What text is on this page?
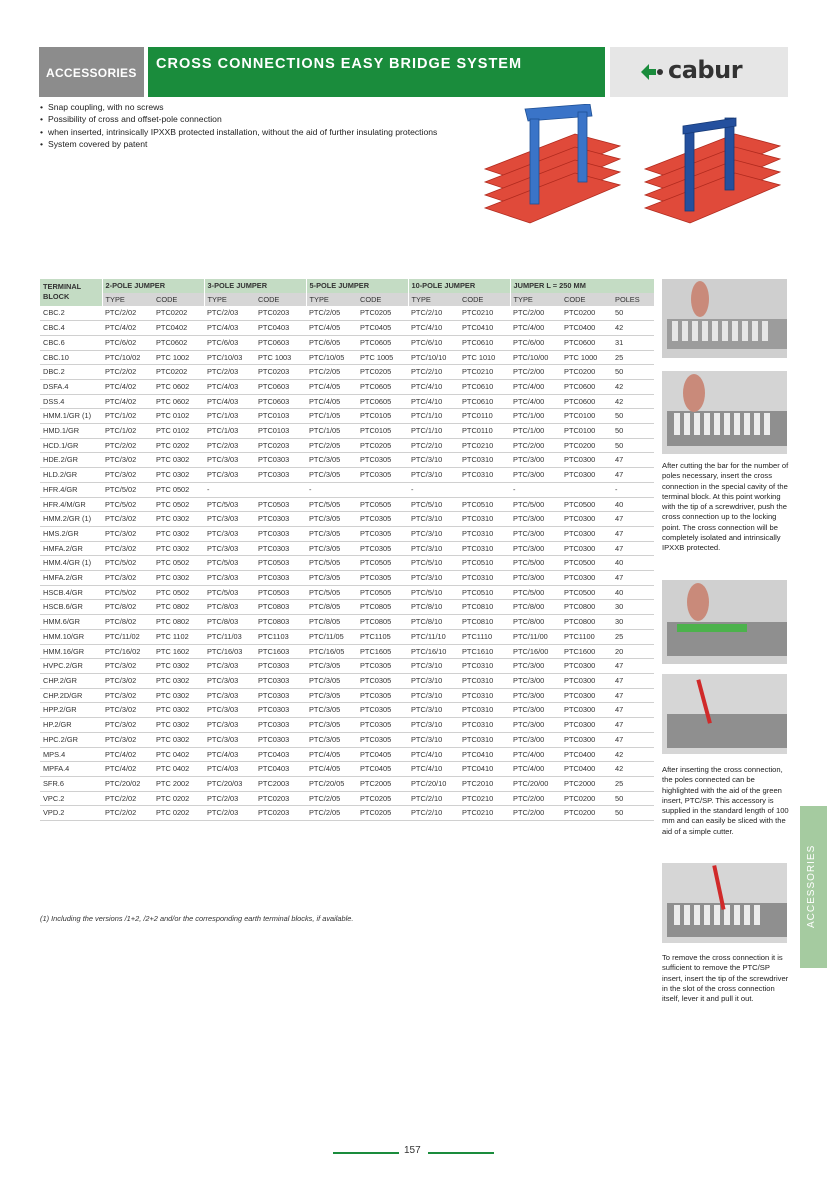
ACCESSORIES
CROSS CONNECTIONS EASY BRIDGE SYSTEM	cabur
• Snap coupling, with no screws
• Possibility of cross and offset-pole connection
• when inserted, intrinsically IPXXB protected installation, without the aid of further insulating protections
• System covered by patent
TERMINAL BLOCK	2-POLE JUMPER		3-POLE JUMPER		5-POLE JUMPER		10-POLE JUMPER		JUMPER L = 250 MM		
	TYPE	CODE	TYPE	CODE	TYPE	CODE	TYPE	CODE	TYPE	CODE	POLES
CBC.2	PTC/2/02	PTC0202	PTC/2/03	PTC0203	PTC/2/05	PTC0205	PTC/2/10	PTC0210	PTC/2/00	PTC0200	50
CBC.4	PTC/4/02	PTC0402	PTC/4/03	PTC0403	PTC/4/05	PTC0405	PTC/4/10	PTC0410	PTC/4/00	PTC0400	42
CBC.6	PTC/6/02	PTC0602	PTC/6/03	PTC0603	PTC/6/05	PTC0605	PTC/6/10	PTC0610	PTC/6/00	PTC0600	31
CBC.10	PTC/10/02	PTC 1002	PTC/10/03	PTC 1003	PTC/10/05	PTC 1005	PTC/10/10	PTC 1010	PTC/10/00	PTC 1000	25
DBC.2	PTC/2/02	PTC0202	PTC/2/03	PTC0203	PTC/2/05	PTC0205	PTC/2/10	PTC0210	PTC/2/00	PTC0200	50
DSFA.4	PTC/4/02	PTC 0602	PTC/4/03	PTC0603	PTC/4/05	PTC0605	PTC/4/10	PTC0610	PTC/4/00	PTC0600	42
DSS.4	PTC/4/02	PTC 0602	PTC/4/03	PTC0603	PTC/4/05	PTC0605	PTC/4/10	PTC0610	PTC/4/00	PTC0600	42
HMM.1/GR (1)	PTC/1/02	PTC 0102	PTC/1/03	PTC0103	PTC/1/05	PTC0105	PTC/1/10	PTC0110	PTC/1/00	PTC0100	50
HMD.1/GR	PTC/1/02	PTC 0102	PTC/1/03	PTC0103	PTC/1/05	PTC0105	PTC/1/10	PTC0110	PTC/1/00	PTC0100	50
HCD.1/GR	PTC/2/02	PTC 0202	PTC/2/03	PTC0203	PTC/2/05	PTC0205	PTC/2/10	PTC0210	PTC/2/00	PTC0200	50
HDE.2/GR	PTC/3/02	PTC 0302	PTC/3/03	PTC0303	PTC/3/05	PTC0305	PTC/3/10	PTC0310	PTC/3/00	PTC0300	47
HLD.2/GR	PTC/3/02	PTC 0302	PTC/3/03	PTC0303	PTC/3/05	PTC0305	PTC/3/10	PTC0310	PTC/3/00	PTC0300	47
HFR.4/GR	PTC/5/02	PTC 0502	-		-		-		-		-
HFR.4/M/GR	PTC/5/02	PTC 0502	PTC/5/03	PTC0503	PTC/5/05	PTC0505	PTC/5/10	PTC0510	PTC/5/00	PTC0500	40
HMM.2/GR (1)	PTC/3/02	PTC 0302	PTC/3/03	PTC0303	PTC/3/05	PTC0305	PTC/3/10	PTC0310	PTC/3/00	PTC0300	47
HMS.2/GR	PTC/3/02	PTC 0302	PTC/3/03	PTC0303	PTC/3/05	PTC0305	PTC/3/10	PTC0310	PTC/3/00	PTC0300	47
HMFA.2/GR	PTC/3/02	PTC 0302	PTC/3/03	PTC0303	PTC/3/05	PTC0305	PTC/3/10	PTC0310	PTC/3/00	PTC0300	47
HMM.4/GR (1)	PTC/5/02	PTC 0502	PTC/5/03	PTC0503	PTC/5/05	PTC0505	PTC/5/10	PTC0510	PTC/5/00	PTC0500	40
HMFA.2/GR	PTC/3/02	PTC 0302	PTC/3/03	PTC0303	PTC/3/05	PTC0305	PTC/3/10	PTC0310	PTC/3/00	PTC0300	47
HSCB.4/GR	PTC/5/02	PTC 0502	PTC/5/03	PTC0503	PTC/5/05	PTC0505	PTC/5/10	PTC0510	PTC/5/00	PTC0500	40
HSCB.6/GR	PTC/8/02	PTC 0802	PTC/8/03	PTC0803	PTC/8/05	PTC0805	PTC/8/10	PTC0810	PTC/8/00	PTC0800	30
HMM.6/GR	PTC/8/02	PTC 0802	PTC/8/03	PTC0803	PTC/8/05	PTC0805	PTC/8/10	PTC0810	PTC/8/00	PTC0800	30
HMM.10/GR	PTC/11/02	PTC 1102	PTC/11/03	PTC1103	PTC/11/05	PTC1105	PTC/11/10	PTC1110	PTC/11/00	PTC1100	25
HMM.16/GR	PTC/16/02	PTC 1602	PTC/16/03	PTC1603	PTC/16/05	PTC1605	PTC/16/10	PTC1610	PTC/16/00	PTC1600	20
HVPC.2/GR	PTC/3/02	PTC 0302	PTC/3/03	PTC0303	PTC/3/05	PTC0305	PTC/3/10	PTC0310	PTC/3/00	PTC0300	47
CHP.2/GR	PTC/3/02	PTC 0302	PTC/3/03	PTC0303	PTC/3/05	PTC0305	PTC/3/10	PTC0310	PTC/3/00	PTC0300	47
CHP.2D/GR	PTC/3/02	PTC 0302	PTC/3/03	PTC0303	PTC/3/05	PTC0305	PTC/3/10	PTC0310	PTC/3/00	PTC0300	47
HPP.2/GR	PTC/3/02	PTC 0302	PTC/3/03	PTC0303	PTC/3/05	PTC0305	PTC/3/10	PTC0310	PTC/3/00	PTC0300	47
HP.2/GR	PTC/3/02	PTC 0302	PTC/3/03	PTC0303	PTC/3/05	PTC0305	PTC/3/10	PTC0310	PTC/3/00	PTC0300	47
HPC.2/GR	PTC/3/02	PTC 0302	PTC/3/03	PTC0303	PTC/3/05	PTC0305	PTC/3/10	PTC0310	PTC/3/00	PTC0300	47
MPS.4	PTC/4/02	PTC 0402	PTC/4/03	PTC0403	PTC/4/05	PTC0405	PTC/4/10	PTC0410	PTC/4/00	PTC0400	42
MPFA.4	PTC/4/02	PTC 0402	PTC/4/03	PTC0403	PTC/4/05	PTC0405	PTC/4/10	PTC0410	PTC/4/00	PTC0400	42
SFR.6	PTC/20/02	PTC 2002	PTC/20/03	PTC2003	PTC/20/05	PTC2005	PTC/20/10	PTC2010	PTC/20/00	PTC2000	25
VPC.2	PTC/2/02	PTC 0202	PTC/2/03	PTC0203	PTC/2/05	PTC0205	PTC/2/10	PTC0210	PTC/2/00	PTC0200	50
VPD.2	PTC/2/02	PTC 0202	PTC/2/03	PTC0203	PTC/2/05	PTC0205	PTC/2/10	PTC0210	PTC/2/00	PTC0200	50
(1) Including the versions /1+2, /2+2 and/or the corresponding earth terminal blocks, if available.
After cutting the bar for the number of poles necessary, insert the cross connection in the special cavity of the terminal block. At this point working with the tip of a screwdriver, push the cross connection up to the locking point. The cross connection will be completely isolated and intrinsically IPXXB protected.
After inserting the cross connection, the poles connected can be highlighted with the aid of the green insert, PTC/SP. This accessory is supplied in the standard length of 100 mm and can easily be sliced with the aid of a simple cutter.
To remove the cross connection it is sufficient to remove the PTC/SP insert, insert the tip of the screwdriver in the slot of the cross connection itself, lever it and pull it out.
ACCESSORIES
157
